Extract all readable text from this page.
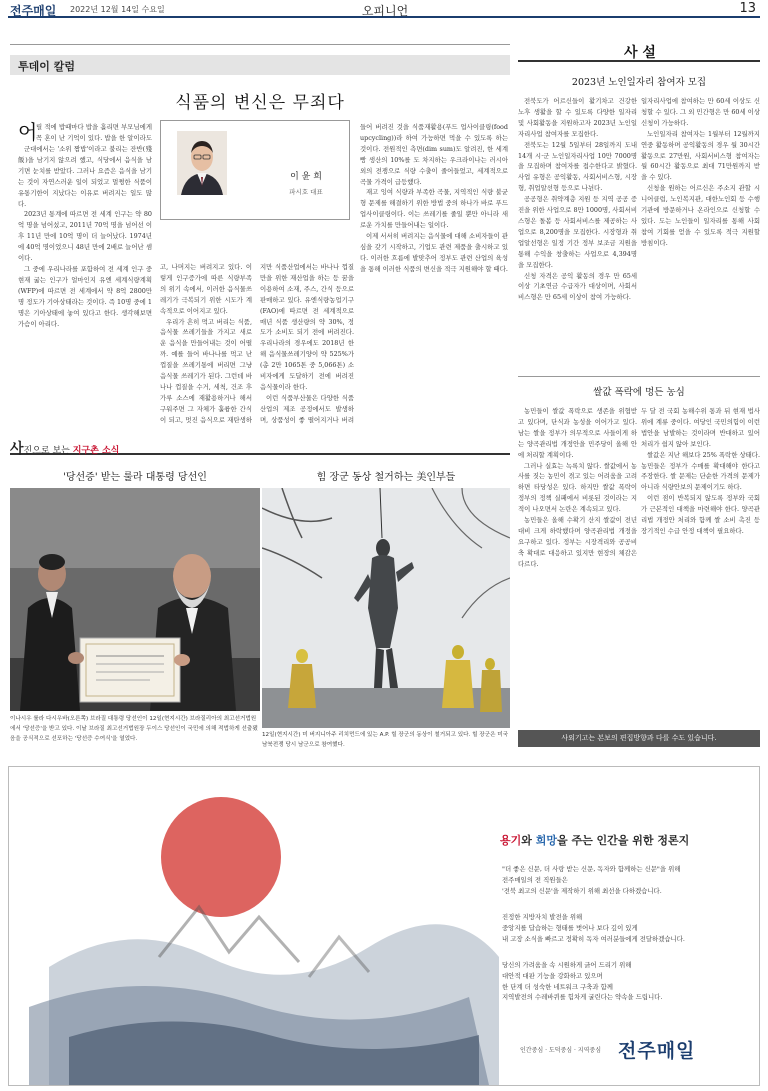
전주매일 2022년 12월 14일 수요일	오피니언	13
투데이 칼럼
식품의 변신은 무죄다
어

릴 적에 밥때마다 밥을 흘리면 부모님에게 꼭 혼이 난 기억이 있다. 밥을 한 알이라도

군대에서는 '소위 짬밥'이라고 불리는 잔반(殘飯)을 남기지 않으려 했고, 식당에서 음식을 남기면 눈치를 받았다. 그러나 요즘은 음식을 남기는 것이 자연스러운 일이 되었고 멀쩡한 식품이 유통기한이 지났다는 이유로 버려지는 일도 많다.

2023년 통계에 따르면 전 세계 인구는 약 80억 명을 넘어섰고, 2011년 70억 명을 넘어선 이후 11년 만에 10억 명이 더 늘어났다. 1974년에 40억 명이었으니 48년 만에 2배로 늘어난 셈이다.

그 중에 우리나라를 포함하여 전 세계 인구 중 현재 굶는 인구가 얼마인지 유엔 세계식량계획(WFP)에 따르면 전 세계에서 약 8억 2800만 명 정도가 기아상태라는 것이다. 즉 10명 중에 1명은 기아상태에 놓여 있다고 한다. 생각해보면 가슴이 아리다.

이 윤 희
파시호 대표

고, 나머지는 버려지고 있다. 이렇게 인구증가에 따른 식량부족의 위기 속에서, 이러한 음식물쓰레기가 극복되기 위한 시도가 계속적으로 이어지고 있다.

우리가 흔히 먹고 버리는 식품, 음식물 쓰레기들을 가지고 새로운 음식을 만들어내는 것이 어떨까. 예를 들어 바나나를 먹고 난 껍질을 쓰레기통에 버리면 그냥 음식물 쓰레기가 된다. 그런데 바나나 껍질을 수거, 세척, 건조 후 가루 소스에 재활용하거나 해서 구워주면 그 자체가 훌륭한 간식이 되고, 멋진 음식으로 재탄생하

지만 식품산업에서는 바나나 껍질 만을 위한 재산업을 하는 등 꿈을 이용하여 소재, 주스, 간식 등으로 판매하고 있다. 유엔식량농업기구(FAO)에 따르면 전 세계적으로 매년 식품 생산량의 약 30%, 정도가 소비도 되기 전에 버려진다. 우리나라의 경우에도 2018년 한해 음식물쓰레기양이 약 525%가(총 2만 1065톤 중 5,066톤) 소비자에게 도달하기 전에 버려진 음식물이라 한다.

이런 식품부산물은 다양한 식품산업의 제조 공정에서도 발생하며, 상품성이 좋 떨어지거나 버려

들어 버려진 것을 식품재활용(푸드 업사이클링(food upcycling))라 하여 가능하면 먹을 수 있도록 하는 것이다. 전원적인 측면(dim sum)도 알려진, 한 세계 빵 생산의 10%를 도 차지하는 우크라이나는 러시아 외의 전쟁으로 식량 수출이 줄어들었고, 세계적으로 곡물 가격이 급등했다.

재고 잉여 식량과 부족한 곡물, 지역적인 식량 불균형 문제를 해결하기 위한 방법 중의 하나가 바로 푸드 업사이클링이다. 이는 쓰레기를 줄일 뿐만 아니라 새로운 가치를 만들어내는 일이다.

이제 서서히 버려지는 음식물에 대해 소비자들이 관심을 갖기 시작하고, 기업도 관련 제품을 출시하고 있다. 이러한 흐름에 발맞추어 정부도 관련 산업의 육성을 통해 이러한 식품의 변신을 적극 지원해야 할 때다.

사진으로 보는 지구촌 소식
'당선증' 받는 룰라 대통령 당선인
이나시우 룰라 다시우바(오른쪽) 브라질 대통령 당선인이 12일(현지시간) 브라질리아의 최고선거법원에서 '당선증'을 받고 있다. 이날 브라질 최고선거법원장 두이스 당선인이 국민에 의해 적법하게 선출됐음을 공식적으로 선포하는 '당선증 수여식'을 열었다.
힘 장군 동상 철거하는 美인부들
12일(현지시간) 미 버지니아주 리치먼드에 있는 A.P. 힐 장군의 동상이 철거되고 있다. 힐 장군은 미국 남북전쟁 당시 남군으로 참여했다.
사 설
2023년 노인일자리 참여자 모집

전북도가 어르신들이 활기차고 건강한 노후 생활을 할 수 있도록 다양한 일자리 및 사회활동을 지원하고자 2023년 노인일자리사업 참여자를 모집한다.

전북도는 12월 5일부터 28일까지 도내 14개 시·군 노인일자리사업 10만 7000명을 모집하며 참여자를 접수한다고 밝혔다. 사업 유형은 공익활동, 사회서비스형, 시장형, 취업알선형 등으로 나뉜다.

공공형은 취약계층 지원 등 지역 공공 증진을 위한 사업으로 8만 1000명, 사회서비스형은 돌봄 등 사회서비스를 제공하는 사업으로 8,200명을 모집한다. 시장형과 취업알선형은 일정 기간 정부 보조금 지원을 통해 수익을 창출하는 사업으로 4,394명을 모집한다.

신청 자격은 공익 활동의 경우 만 65세 이상 기초연금 수급자가 대상이며, 사회서비스형은 만 65세 이상이 참여 가능하다.

일자리사업에 참여하는 만 60세 이상도 신청할 수 있다. 그 외 민간형은 만 60세 이상 신청이 가능하다.

노인일자리 참여자는 1월부터 12월까지 연중 활동하며 공익활동의 경우 월 30시간 활동으로 27만원, 사회서비스형 참여자는 월 60시간 활동으로 최대 71만원까지 받을 수 있다.

신청을 원하는 어르신은 주소지 관할 시니어클럽, 노인복지관, 대한노인회 등 수행기관에 방문하거나 온라인으로 신청할 수 있다. 도는 노인들이 일자리를 통해 사회 참여 기회를 얻을 수 있도록 적극 지원할 방침이다.

쌀값 폭락에 멍든 농심

농민들이 쌀값 폭락으로 생존을 위협받고 있다며, 단식과 농성을 이어가고 있다. 남는 쌀을 정부가 의무적으로 사들이게 하는 양곡관리법 개정안을 민주당이 올해 안에 처리할 계획이다.

그러나 실효는 녹록치 않다. 쌀값에서 농사를 짓는 농민이 겪고 있는 어려움을 고려하면 타당성은 있다. 하지만 쌀값 폭락이 정부의 정책 실패에서 비롯된 것이라는 지적이 나오면서 논란은 계속되고 있다.

농민들은 올해 수확기 산지 쌀값이 전년 대비 크게 하락했다며 양곡관리법 개정을 요구하고 있다. 정부는 시장격리와 공공비축 확대로 대응하고 있지만 현장의 체감은 다르다.

두 달 전 국회 농해수위 통과 뒤 현재 법사위에 계류 중이다. 여당인 국민의힘이 이런 법안을 남발하는 것이라며 반대하고 있어 처리가 쉽지 않아 보인다.

쌀값은 지난 해보다 25% 폭락한 상태다. 농민들은 정부가 수매를 확대해야 한다고 주장한다. 쌀 문제는 단순한 가격의 문제가 아니라 식량안보의 문제이기도 하다.

이런 점이 반복되지 않도록 정부와 국회가 근본적인 대책을 마련해야 한다. 양곡관리법 개정안 처리와 함께 쌀 소비 촉진 등 장기적인 수급 안정 대책이 필요하다.

사외기고는 본보의 편집방향과 다를 수도 있습니다.
용기와 희망을 주는 인간을 위한 정론지
"더 좋은 신문, 더 사랑 받는 신문, 독자와 함께하는 신문"을 위해
전주매일의 전 직원들은
'전북 최고의 신문'을 제작하기 위해 최선을 다하겠습니다.
진정한 지방자치 발전을 위해
중앙지를 답습하는 형태를 벗어나 보다 깊이 있게
내 고장 소식을 빠르고 정확히 독자 여러분들에게 전달하겠습니다.
당신의 가려움을 속 시원하게 긁어 드리기 위해
대안적 대판 기능을 강화하고 있으며
한 단계 더 성숙한 네트워크 구축과 함께
지역발전의 수레바퀴를 힘차게 굴린다는 약속을 드립니다.
인간중심 · 도덕중심 · 지역중심 전주매일
